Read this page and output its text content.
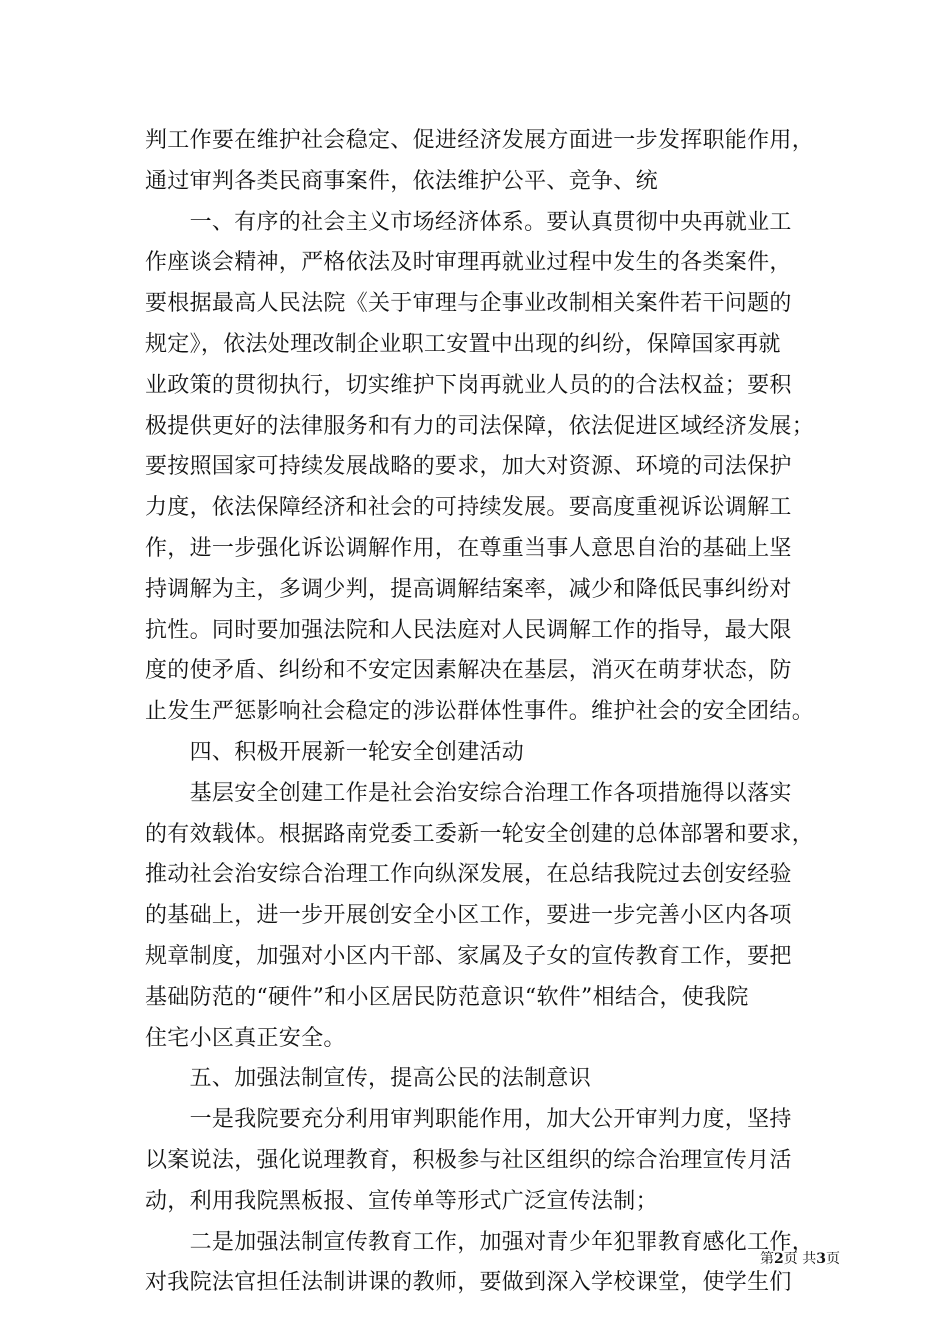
判工作要在维护社会稳定、促进经济发展方面进一步发挥职能作用，
通过审判各类民商事案件，依法维护公平、竞争、统
　　一、有序的社会主义市场经济体系。要认真贯彻中央再就业工
作座谈会精神，严格依法及时审理再就业过程中发生的各类案件，
要根据最高人民法院《关于审理与企事业改制相关案件若干问题的
规定》，依法处理改制企业职工安置中出现的纠纷，保障国家再就
业政策的贯彻执行，切实维护下岗再就业人员的的合法权益；要积
极提供更好的法律服务和有力的司法保障，依法促进区域经济发展；
要按照国家可持续发展战略的要求，加大对资源、环境的司法保护
力度，依法保障经济和社会的可持续发展。要高度重视诉讼调解工
作，进一步强化诉讼调解作用，在尊重当事人意思自治的基础上坚
持调解为主，多调少判，提高调解结案率，减少和降低民事纠纷对
抗性。同时要加强法院和人民法庭对人民调解工作的指导，最大限
度的使矛盾、纠纷和不安定因素解决在基层，消灭在萌芽状态，防
止发生严惩影响社会稳定的涉讼群体性事件。维护社会的安全团结。
　　四、积极开展新一轮安全创建活动
　　基层安全创建工作是社会治安综合治理工作各项措施得以落实
的有效载体。根据路南党委工委新一轮安全创建的总体部署和要求，
推动社会治安综合治理工作向纵深发展，在总结我院过去创安经验
的基础上，进一步开展创安全小区工作，要进一步完善小区内各项
规章制度，加强对小区内干部、家属及子女的宣传教育工作，要把
基础防范的“硬件”和小区居民防范意识“软件”相结合，使我院
住宅小区真正安全。
　　五、加强法制宣传，提高公民的法制意识
　　一是我院要充分利用审判职能作用，加大公开审判力度，坚持
以案说法，强化说理教育，积极参与社区组织的综合治理宣传月活
动，利用我院黑板报、宣传单等形式广泛宣传法制；
　　二是加强法制宣传教育工作，加强对青少年犯罪教育感化工作，
对我院法官担任法制讲课的教师，要做到深入学校课堂，使学生们
第2页 共3页
